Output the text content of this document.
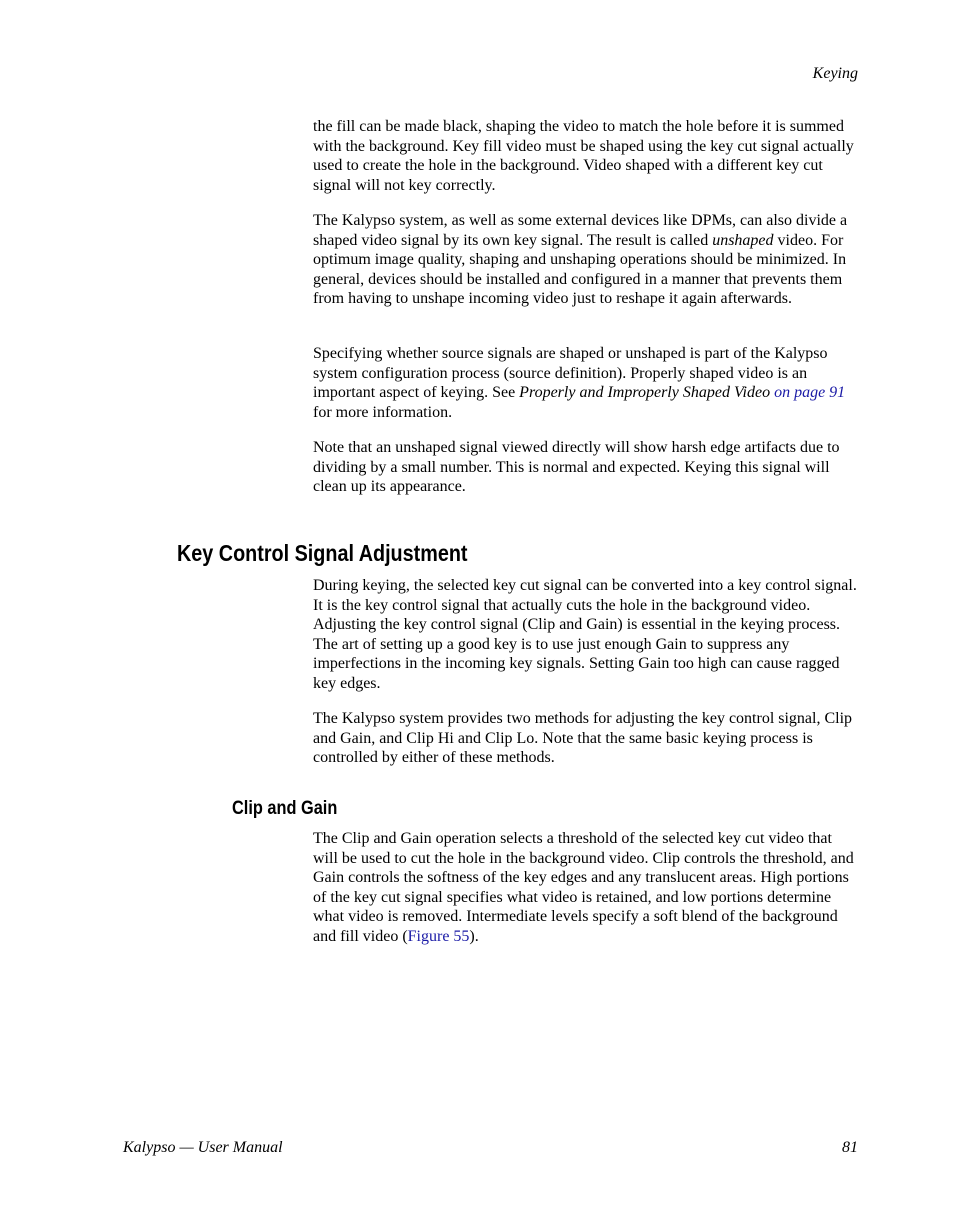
Keying

the fill can be made black, shaping the video to match the hole before it is summed with the background. Key fill video must be shaped using the key cut signal actually used to create the hole in the background. Video shaped with a different key cut signal will not key correctly.

The Kalypso system, as well as some external devices like DPMs, can also divide a shaped video signal by its own key signal. The result is called unshaped video. For optimum image quality, shaping and unshaping operations should be minimized. In general, devices should be installed and configured in a manner that prevents them from having to unshape incoming video just to reshape it again afterwards.

Specifying whether source signals are shaped or unshaped is part of the Kalypso system configuration process (source definition). Properly shaped video is an important aspect of keying. See Properly and Improperly Shaped Video on page 91 for more information.

Note that an unshaped signal viewed directly will show harsh edge artifacts due to dividing by a small number. This is normal and expected. Keying this signal will clean up its appearance.

Key Control Signal Adjustment

During keying, the selected key cut signal can be converted into a key control signal. It is the key control signal that actually cuts the hole in the background video. Adjusting the key control signal (Clip and Gain) is essential in the keying process. The art of setting up a good key is to use just enough Gain to suppress any imperfections in the incoming key signals. Setting Gain too high can cause ragged key edges.

The Kalypso system provides two methods for adjusting the key control signal, Clip and Gain, and Clip Hi and Clip Lo. Note that the same basic keying process is controlled by either of these methods.

Clip and Gain

The Clip and Gain operation selects a threshold of the selected key cut video that will be used to cut the hole in the background video. Clip controls the threshold, and Gain controls the softness of the key edges and any translucent areas. High portions of the key cut signal specifies what video is retained, and low portions determine what video is removed. Intermediate levels specify a soft blend of the background and fill video (Figure 55).

Kalypso — User Manual	81
